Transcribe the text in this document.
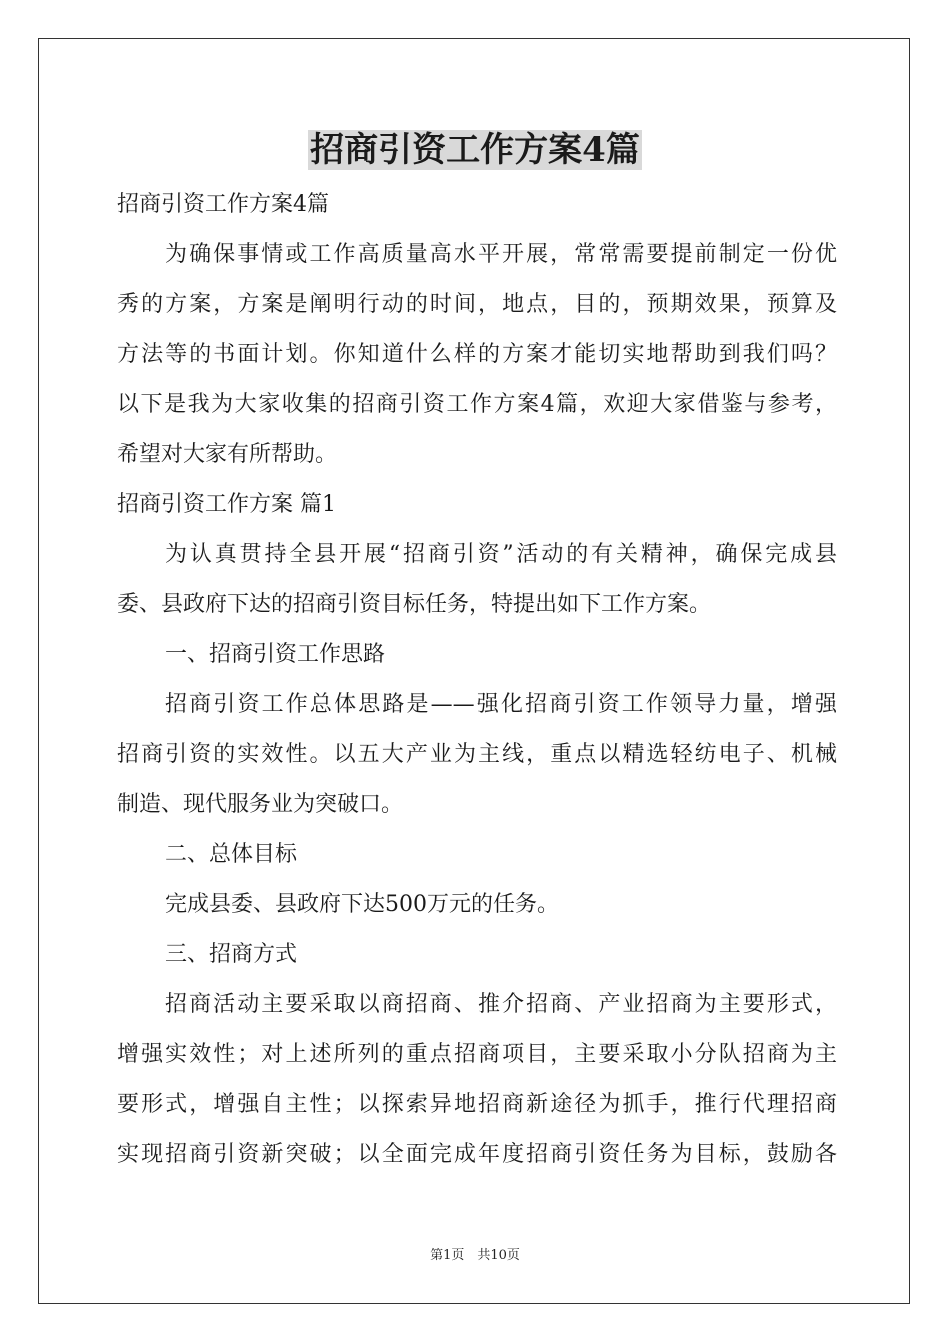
招商引资工作方案4篇
招商引资工作方案4篇
为确保事情或工作高质量高水平开展，常常需要提前制定一份优
秀的方案，方案是阐明行动的时间，地点，目的，预期效果，预算及
方法等的书面计划。你知道什么样的方案才能切实地帮助到我们吗？
以下是我为大家收集的招商引资工作方案4篇，欢迎大家借鉴与参考，
希望对大家有所帮助。
招商引资工作方案 篇1
为认真贯持全县开展“招商引资”活动的有关精神，确保完成县
委、县政府下达的招商引资目标任务，特提出如下工作方案。
一、招商引资工作思路
招商引资工作总体思路是——强化招商引资工作领导力量，增强
招商引资的实效性。以五大产业为主线，重点以精选轻纺电子、机械
制造、现代服务业为突破口。
二、总体目标
完成县委、县政府下达500万元的任务。
三、招商方式
招商活动主要采取以商招商、推介招商、产业招商为主要形式，
增强实效性；对上述所列的重点招商项目，主要采取小分队招商为主
要形式，增强自主性；以探索异地招商新途径为抓手，推行代理招商
实现招商引资新突破；以全面完成年度招商引资任务为目标，鼓励各
第1页　共10页
